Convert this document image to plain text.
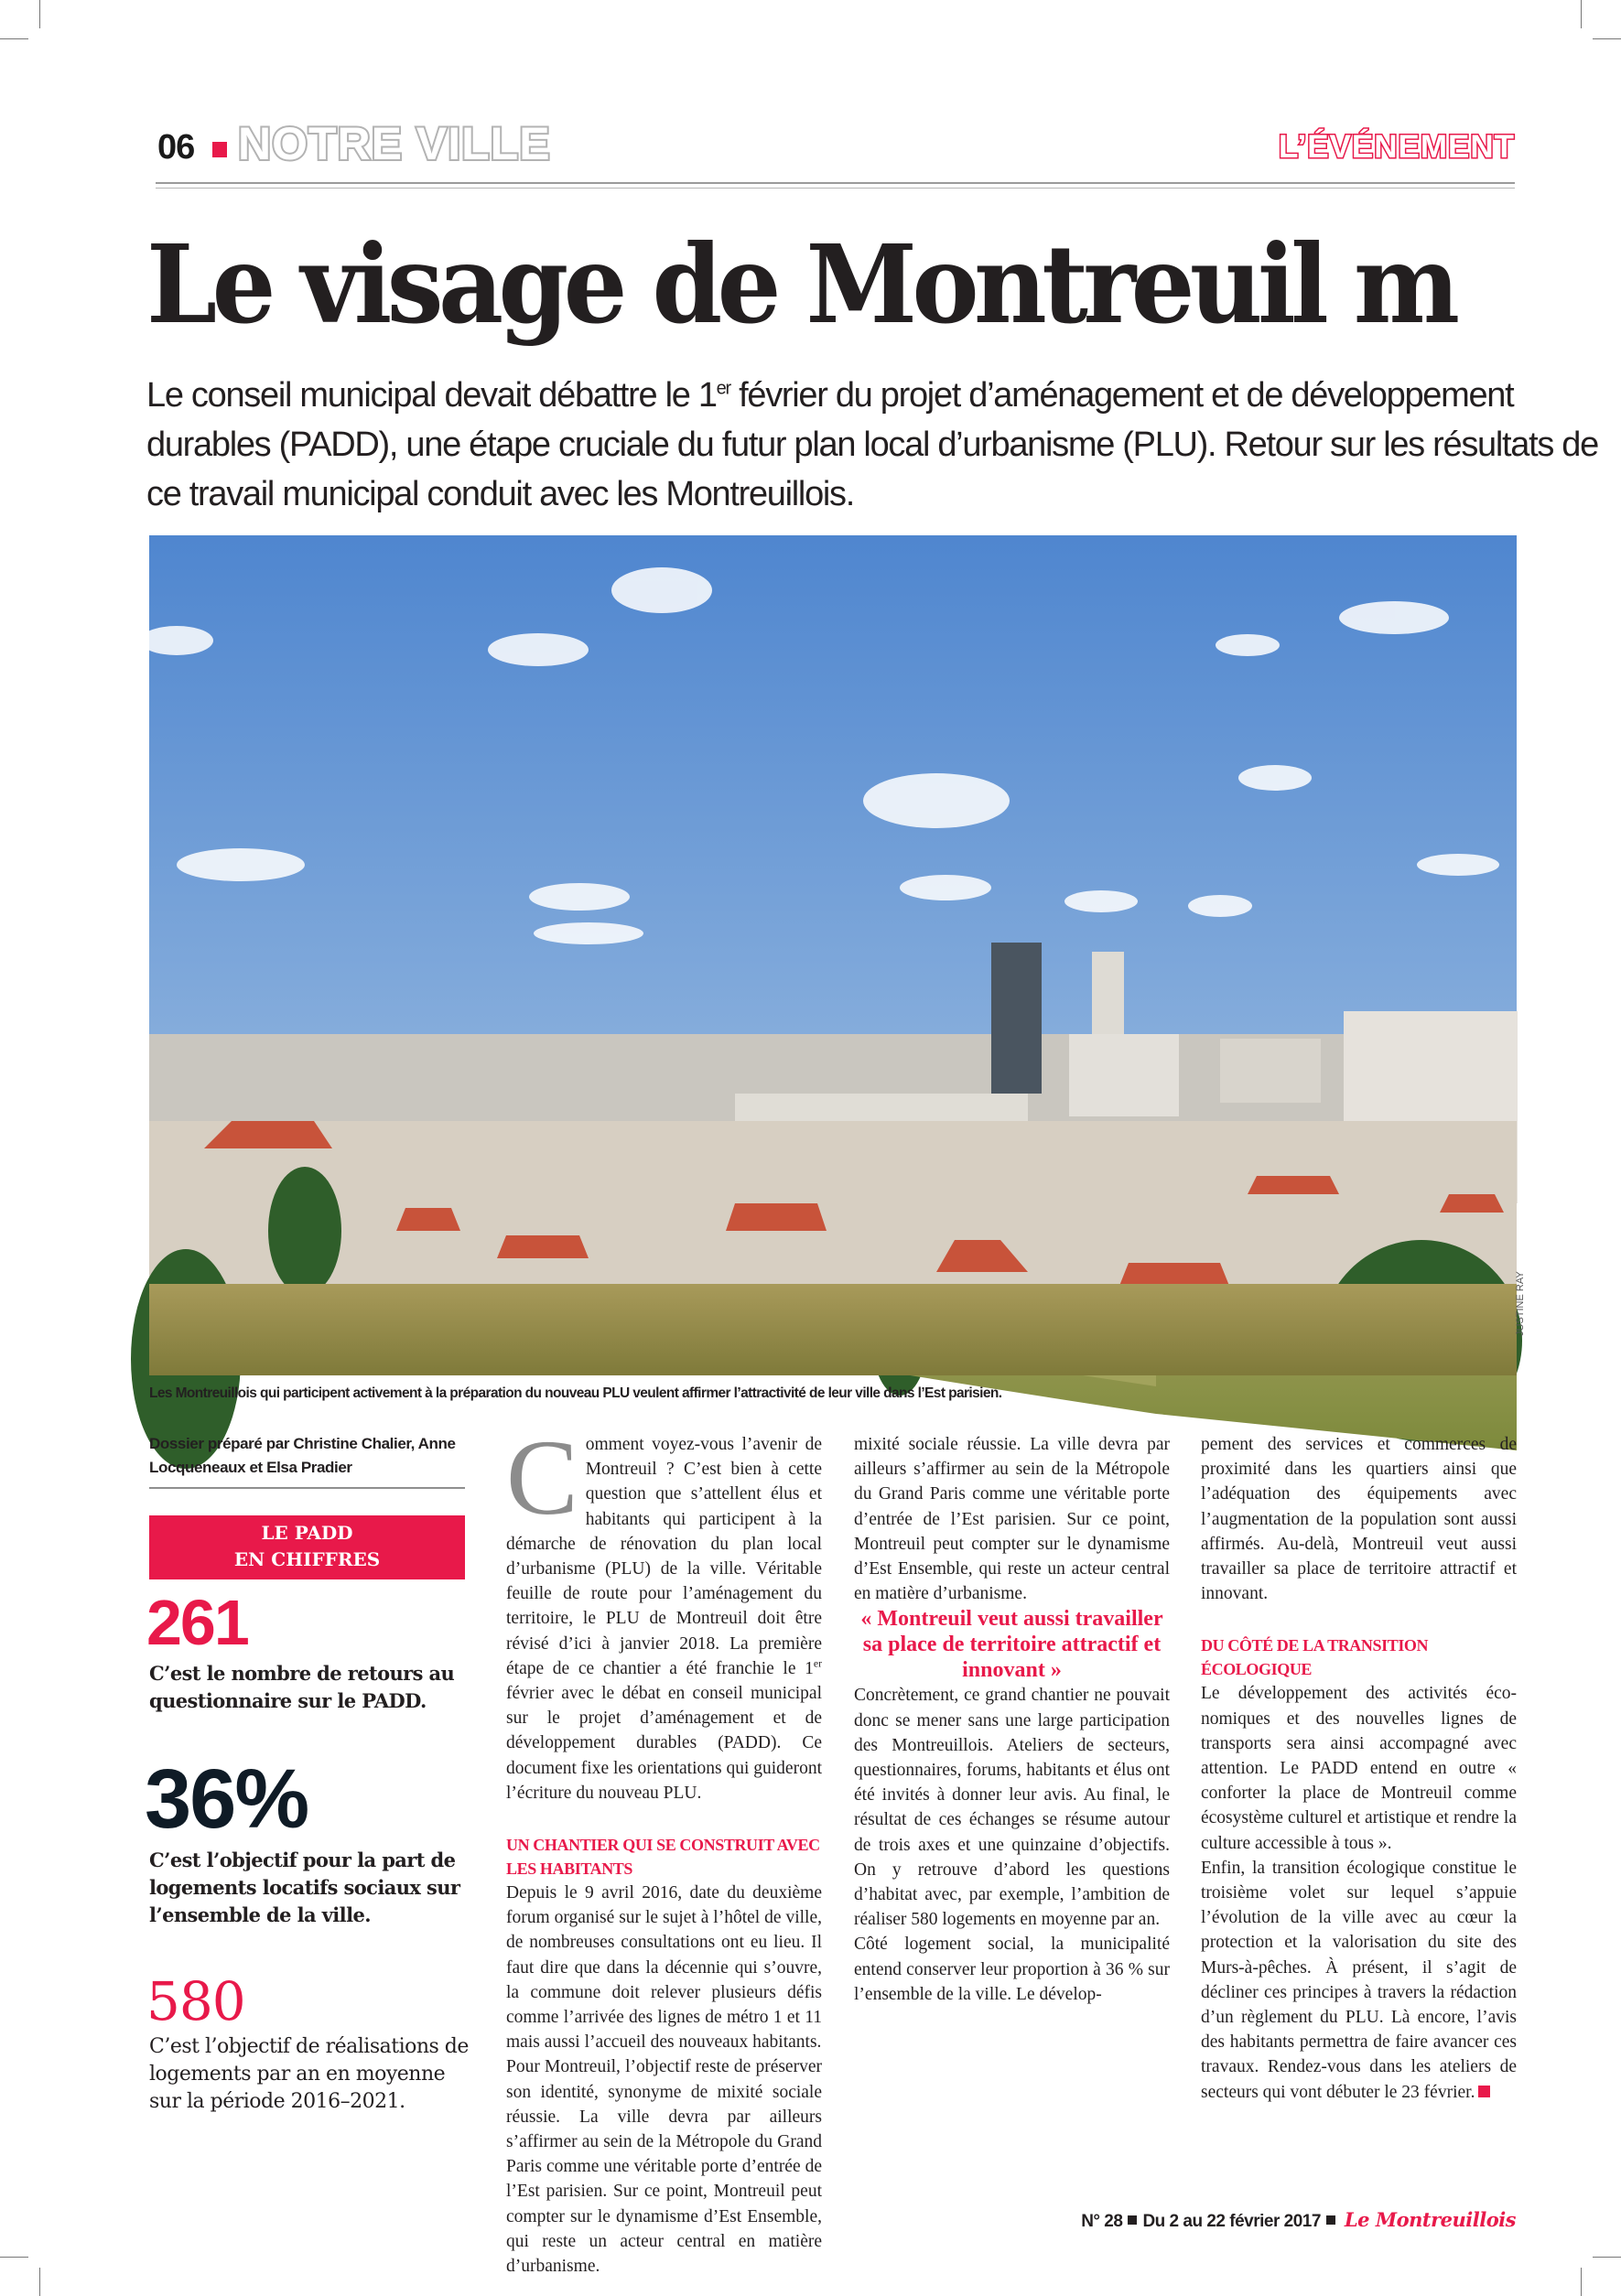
06 NOTRE VILLE	L’ÉVÉNEMENT
Le visage de Montreuil m
Le conseil municipal devait débattre le 1er février du projet d’aménagement et de développement durables (PADD), une étape cruciale du futur plan local d’urbanisme (PLU). Retour sur les résultats de ce travail municipal conduit avec les Montreuillois.
JUSTINE RAY
Les Montreuillois qui participent activement à la préparation du nouveau PLU veulent affirmer l’attractivité de leur ville dans l’Est parisien.
Dossier préparé par Christine Chalier, Anne Locqueneaux et Elsa Pradier
LE PADD
EN CHIFFRES
261
C’est le nombre de retours au questionnaire sur le PADD.
36%
C’est l’objectif pour la part de logements locatifs sociaux sur l’ensemble de la ville.
580
C’est l’objectif de réalisations de logements par an en moyenne sur la période 2016–2021.

Comment voyez-vous l’avenir de Montreuil ? C’est bien à cette question que s’attellent élus et habitants qui participent à la démarche de rénovation du plan local d’urbanisme (PLU) de la ville. Véritable feuille de route pour l’aménagement du territoire, le PLU de Montreuil doit être révisé d’ici à janvier 2018. La première étape de ce chantier a été franchie le 1er février avec le débat en conseil municipal sur le projet d’aménagement et de développement durables (PADD). Ce document fixe les orientations qui guideront l’écriture du nouveau PLU.

UN CHANTIER QUI SE CONSTRUIT AVEC LES HABITANTS

Depuis le 9 avril 2016, date du deuxième forum organisé sur le sujet à l’hôtel de ville, de nombreuses consultations ont eu lieu. Il faut dire que dans la décennie qui s’ouvre, la commune doit relever plusieurs défis comme l’arrivée des lignes de métro 1 et 11 mais aussi l’accueil des nouveaux habitants.

Pour Montreuil, l’objectif reste de préserver son identité, synonyme de mixité sociale réussie. La ville devra par ailleurs s’affirmer au sein de la Métropole du Grand Paris comme une véritable porte d’entrée de l’Est parisien. Sur ce point, Montreuil peut compter sur le dynamisme d’Est Ensemble, qui reste un acteur central en matière d’urbanisme.

mixité sociale réussie. La ville devra par ailleurs s’affirmer au sein de la Métropole du Grand Paris comme une véritable porte d’entrée de l’Est parisien. Sur ce point, Montreuil peut compter sur le dynamisme d’Est Ensemble, qui reste un acteur central en matière d’urbanisme.

« Montreuil veut aussi travailler sa place de territoire attractif et innovant »

Concrètement, ce grand chantier ne pouvait donc se mener sans une large participation des Montreuillois. Ateliers de secteurs, questionnaires, forums, habitants et élus ont été invités à donner leur avis. Au final, le résultat de ces échanges se résume autour de trois axes et une quinzaine d’objectifs. On y retrouve d’abord les questions d’habitat avec, par exemple, l’ambition de réaliser 580 logements en moyenne par an.

Côté logement social, la municipalité entend conserver leur proportion à 36 % sur l’ensemble de la ville. Le dévelop-

pement des services et commerces de proximité dans les quartiers ainsi que l’adéquation des équipements avec l’augmentation de la population sont aussi affirmés. Au-delà, Montreuil veut aussi travailler sa place de territoire attractif et innovant.

DU CÔTÉ DE LA TRANSITION ÉCOLOGIQUE

Le développement des activités économiques et des nouvelles lignes de transports sera ainsi accompagné avec attention. Le PADD entend en outre « conforter la place de Montreuil comme écosystème culturel et artistique et rendre la culture accessible à tous ».

Enfin, la transition écologique constitue le troisième volet sur lequel s’appuie l’évolution de la ville avec au cœur la protection et la valorisation du site des Murs-à-pêches. À présent, il s’agit de décliner ces principes à travers la rédaction d’un règlement du PLU. Là encore, l’avis des habitants permettra de faire avancer ces travaux. Rendez-vous dans les ateliers de secteurs qui vont débuter le 23 février.

N° 28 Du 2 au 22 février 2017 Le Montreuillois
